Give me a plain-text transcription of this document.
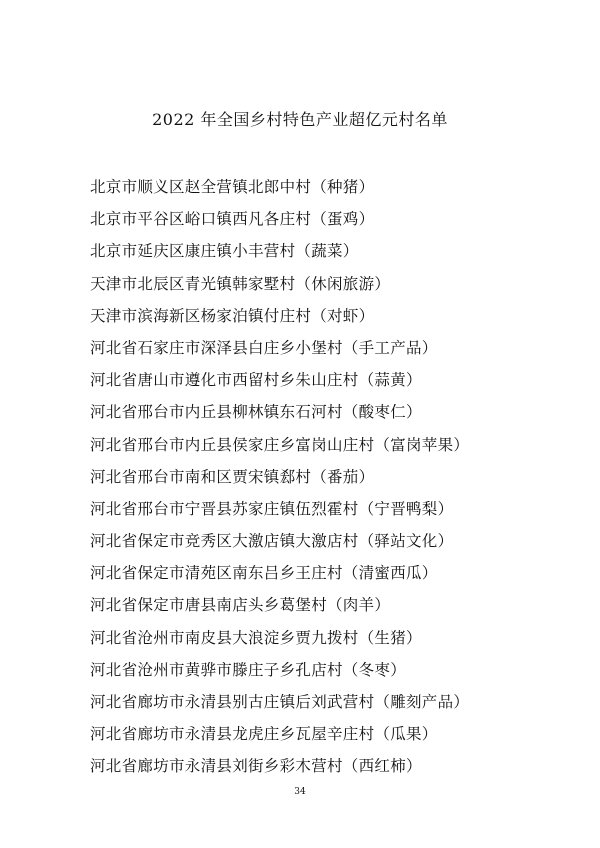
2022 年全国乡村特色产业超亿元村名单
北京市顺义区赵全营镇北郎中村（种猪）
北京市平谷区峪口镇西凡各庄村（蛋鸡）
北京市延庆区康庄镇小丰营村（蔬菜）
天津市北辰区青光镇韩家墅村（休闲旅游）
天津市滨海新区杨家泊镇付庄村（对虾）
河北省石家庄市深泽县白庄乡小堡村（手工产品）
河北省唐山市遵化市西留村乡朱山庄村（蒜黄）
河北省邢台市内丘县柳林镇东石河村（酸枣仁）
河北省邢台市内丘县侯家庄乡富岗山庄村（富岗苹果）
河北省邢台市南和区贾宋镇郄村（番茄）
河北省邢台市宁晋县苏家庄镇伍烈霍村（宁晋鸭梨）
河北省保定市竞秀区大激店镇大激店村（驿站文化）
河北省保定市清苑区南东吕乡王庄村（清蜜西瓜）
河北省保定市唐县南店头乡葛堡村（肉羊）
河北省沧州市南皮县大浪淀乡贾九拨村（生猪）
河北省沧州市黄骅市滕庄子乡孔店村（冬枣）
河北省廊坊市永清县别古庄镇后刘武营村（雕刻产品）
河北省廊坊市永清县龙虎庄乡瓦屋辛庄村（瓜果）
河北省廊坊市永清县刘街乡彩木营村（西红柿）
34
